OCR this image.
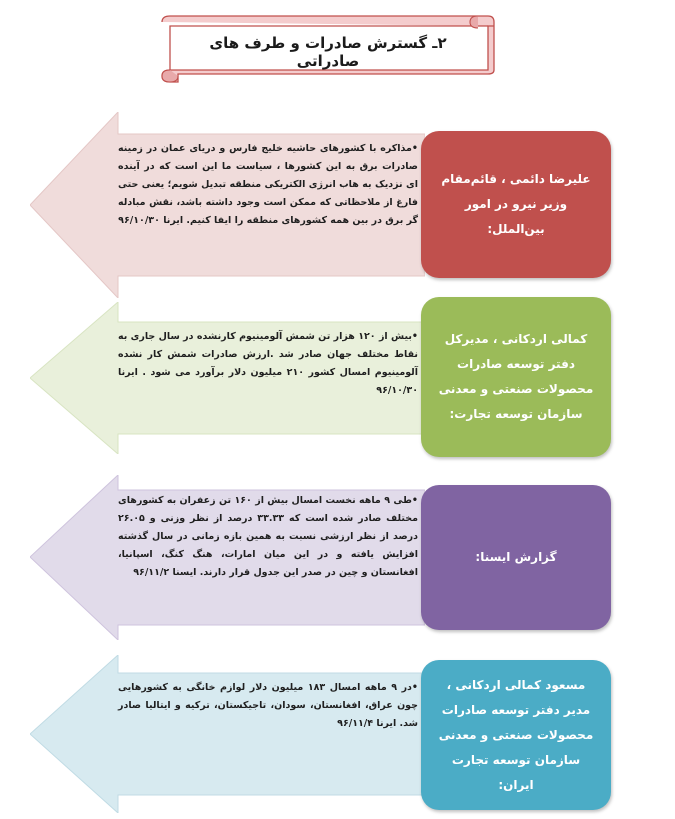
۲ـ گسترش صادرات و طرف های صادراتی
•مذاکره با کشورهای حاشیه خلیج فارس و دریای عمان در زمینه صادرات برق به این کشورها ، سیاست ما این است که در آینده ای نزدیک به هاب انرژی الکتریکی منطقه تبدیل شویم؛ یعنی حتی فارغ از ملاحظاتی که ممکن است وجود داشته باشد، نقش مبادله گر برق در بین همه کشورهای منطقه را ایفا کنیم. ایرنا ۹۶/۱۰/۳۰
علیرضا دائمی ، قائم‌مقام وزیر نیرو در امور بین‌الملل:
•بیش از ۱۲۰ هزار تن شمش آلومینیوم کارنشده در سال جاری به نقاط مختلف جهان صادر شد .ارزش صادرات شمش کار نشده آلومینیوم امسال کشور ۲۱۰ میلیون دلار برآورد می شود . ایرنا ۹۶/۱۰/۳۰
کمالی اردکانی ، مدیرکل دفتر توسعه صادرات محصولات صنعتی و معدنی سازمان توسعه تجارت:
•طی ۹ ماهه نخست امسال بیش از ۱۶۰ تن زعفران به کشورهای مختلف صادر شده است که ۳۳.۳۳ درصد از نظر وزنی و ۲۶.۰۵ درصد از نظر ارزشی نسبت به همین بازه زمانی در سال گذشته افزایش یافته و در این میان امارات، هنگ کنگ، اسپانیا، افغانستان و چین در صدر این جدول قرار دارند. ایسنا ۹۶/۱۱/۲
گزارش ایسنا:
•در ۹ ماهه امسال ۱۸۳ میلیون دلار لوازم خانگی به کشورهایی چون عراق، افغانستان، سودان، تاجیکستان، ترکیه و ایتالیا صادر شد. ایرنا ۹۶/۱۱/۴
مسعود کمالی اردکانی ، مدیر دفتر توسعه صادرات محصولات صنعتی و معدنی سازمان توسعه تجارت ایران:
